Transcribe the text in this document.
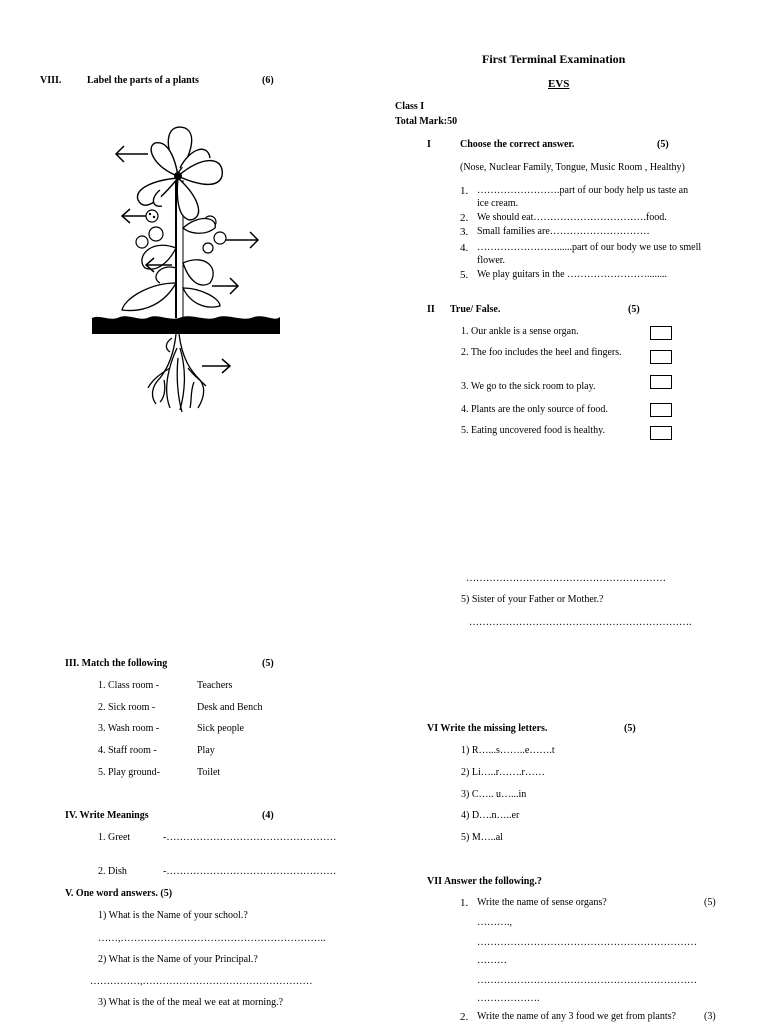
First Terminal Examination
EVS
Class I
Total Mark:50
VIII.	Label the parts of a plants	(6)
I	Choose the correct answer.	(5)
(Nose, Nuclear Family, Tongue, Music Room , Healthy)
1. …………………….part of our body help us taste an
ice cream.
2. We should eat…………………………….food.
3. Small families are…………………………
4. ……………………......part of our body we use to smell
flower.
5. We play guitars in the ……………………........
II True/ False.	(5)
1. Our ankle is a sense organ.
2. The foo includes the heel and fingers.
3. We go to the sick room to play.
4. Plants are the only source of food.
5. Eating uncovered food is healthy.
……………………………………………………
5) Sister of your Father or Mother.?
………………………………………………………….
III. Match the following	(5)
1. Class room -	Teachers
2. Sick room -	Desk and Bench
3. Wash room -	Sick people
4. Staff room -	Play
5. Play ground-	Toilet
IV. Write Meanings	(4)
1. Greet	-……………………………………………
2. Dish	-……………………………………………
V. One word answers. (5)
1) What is the Name of your school.?
……,……………………………………………………..
2) What is the Name of your Principal.?
……………,……………………………………………
3) What is the of the meal we eat at morning.?
VI Write the missing letters.	(5)
1) R…...s……..e…….t
2) Li…..r…….r……
3) C….. u…...in
4) D….n…..er
5) M…..al
VII Answer the following.?
1. Write the name of sense organs?	(5)
……….,
…………………………………………………………
………
…………………………………………………………
……………….
2. Write the name of any 3 food we get from plants?	(3)
